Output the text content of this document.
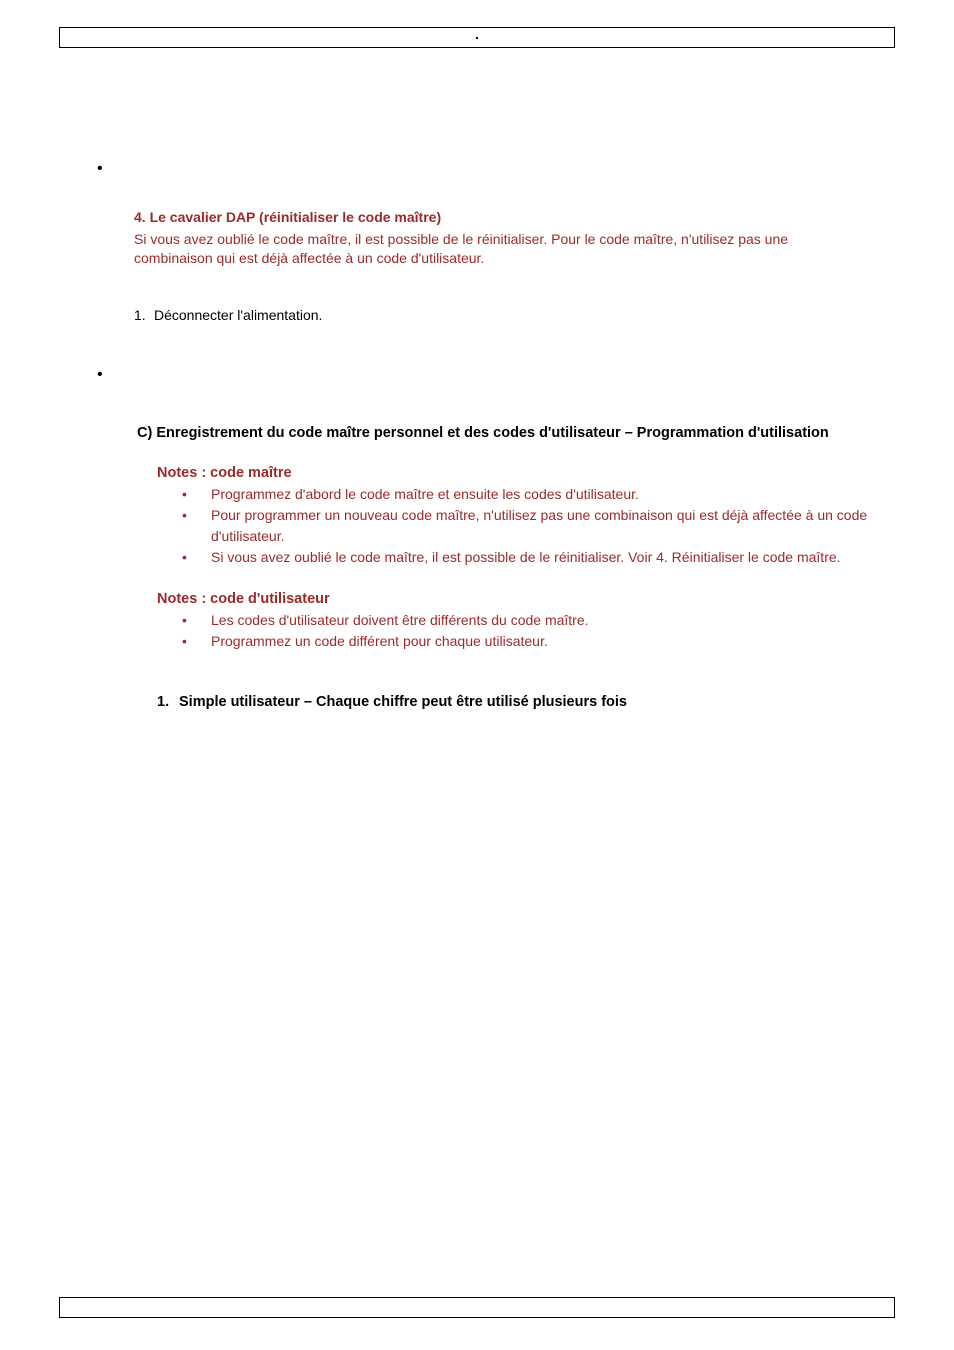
.
•
4. Le cavalier DAP (réinitialiser le code maître)
Si vous avez oublié le code maître, il est possible de le réinitialiser. Pour le code maître, n'utilisez pas une combinaison qui est déjà affectée à un code d'utilisateur.
1. Déconnecter l'alimentation.
•
C) Enregistrement du code maître personnel et des codes d'utilisateur – Programmation d'utilisation
Notes : code maître
• Programmez d'abord le code maître et ensuite les codes d'utilisateur.
• Pour programmer un nouveau code maître, n'utilisez pas une combinaison qui est déjà affectée à un code d'utilisateur.
• Si vous avez oublié le code maître, il est possible de le réinitialiser. Voir 4. Réinitialiser le code maître.
Notes : code d'utilisateur
• Les codes d'utilisateur doivent être différents du code maître.
• Programmez un code différent pour chaque utilisateur.
1. Simple utilisateur – Chaque chiffre peut être utilisé plusieurs fois
